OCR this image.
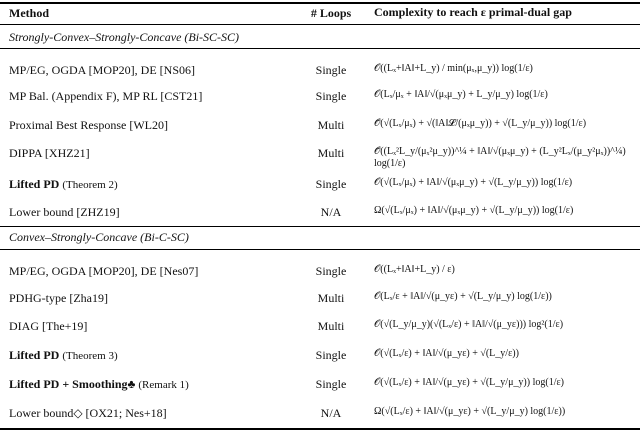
Method	# Loops	Complexity to reach ε primal-dual gap
Strongly-Convex–Strongly-Concave (Bi-SC-SC)
MP/EG, OGDA [MOP20], DE [NS06]	Single	𝒪((Lₓ+‖A‖+L_y) / min(μₓ,μ_y)) log(1/ε)
MP Bal. (Appendix F), MP RL [CST21]	Single	𝒪(Lₓ/μₓ + ‖A‖/√(μₓμ_y) + L_y/μ_y) log(1/ε)
Proximal Best Response [WL20]	Multi	𝒪̃(√(Lₓ/μₓ) + √(‖A‖𝓛/(μₓμ_y)) + √(L_y/μ_y)) log(1/ε)
DIPPA [XHZ21]	Multi	𝒪̃((Lₓ²L_y/(μₓ²μ_y))^¼ + ‖A‖/√(μₓμ_y) + (L_y²Lₓ/(μ_y²μₓ))^¼) log(1/ε)
Lifted PD (Theorem 2)	Single	𝒪(√(Lₓ/μₓ) + ‖A‖/√(μₓμ_y) + √(L_y/μ_y)) log(1/ε)
Lower bound [ZHZ19]	N/A	Ω(√(Lₓ/μₓ) + ‖A‖/√(μₓμ_y) + √(L_y/μ_y)) log(1/ε)
Convex–Strongly-Concave (Bi-C-SC)
MP/EG, OGDA [MOP20], DE [Nes07]	Single	𝒪((Lₓ+‖A‖+L_y) / ε)
PDHG-type [Zha19]	Multi	𝒪(Lₓ/ε + ‖A‖/√(μ_yε) + √(L_y/μ_y) log(1/ε))
DIAG [The+19]	Multi	𝒪(√(L_y/μ_y)(√(Lₓ/ε) + ‖A‖/√(μ_yε))) log²(1/ε)
Lifted PD (Theorem 3)	Single	𝒪(√(Lₓ/ε) + ‖A‖/√(μ_yε) + √(L_y/ε))
Lifted PD + Smoothing♣ (Remark 1)	Single	𝒪(√(Lₓ/ε) + ‖A‖/√(μ_yε) + √(L_y/μ_y)) log(1/ε)
Lower bound◇ [OX21; Nes+18]	N/A	Ω(√(Lₓ/ε) + ‖A‖/√(μ_yε) + √(L_y/μ_y) log(1/ε))
